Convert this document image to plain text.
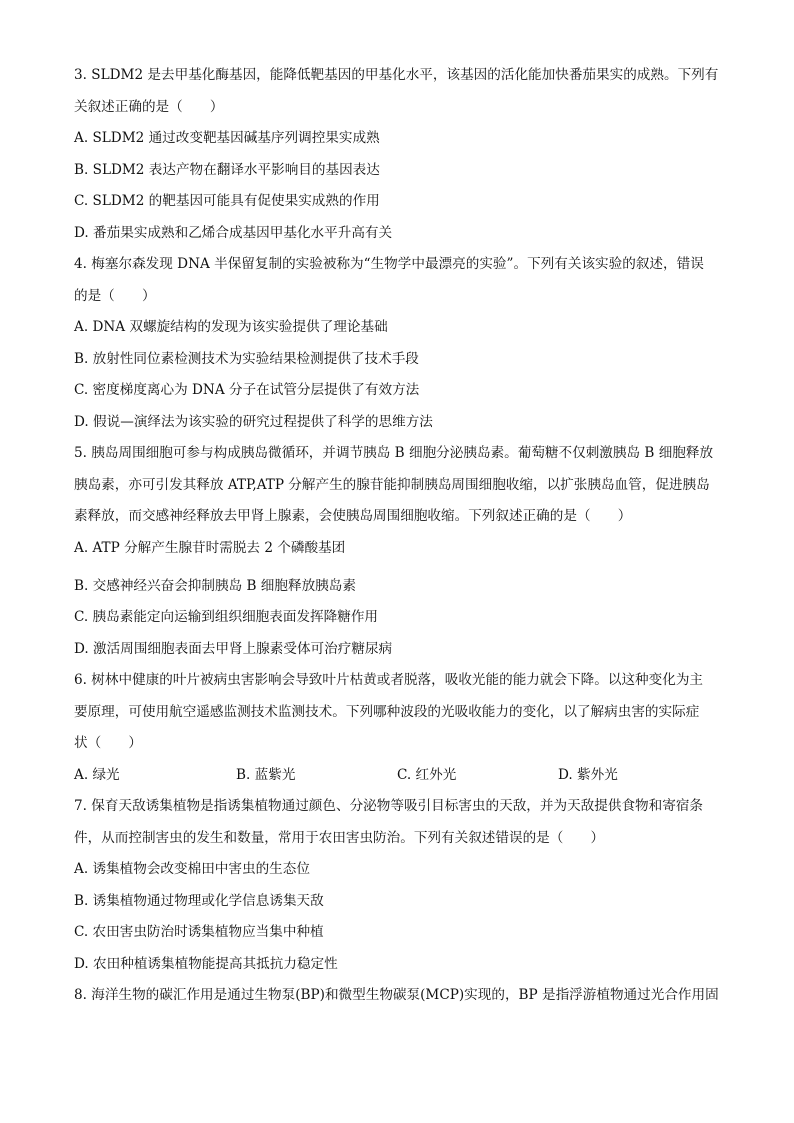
3. SLDM2 是去甲基化酶基因，能降低靶基因的甲基化水平，该基因的活化能加快番茄果实的成熟。下列有
关叙述正确的是（　　）
A. SLDM2 通过改变靶基因碱基序列调控果实成熟
B. SLDM2 表达产物在翻译水平影响目的基因表达
C. SLDM2 的靶基因可能具有促使果实成熟的作用
D. 番茄果实成熟和乙烯合成基因甲基化水平升高有关
4. 梅塞尔森发现 DNA 半保留复制的实验被称为“生物学中最漂亮的实验”。下列有关该实验的叙述，错误
的是（　　）
A. DNA 双螺旋结构的发现为该实验提供了理论基础
B. 放射性同位素检测技术为实验结果检测提供了技术手段
C. 密度梯度离心为 DNA 分子在试管分层提供了有效方法
D. 假说—演绎法为该实验的研究过程提供了科学的思维方法
5. 胰岛周围细胞可参与构成胰岛微循环，并调节胰岛 B 细胞分泌胰岛素。葡萄糖不仅刺激胰岛 B 细胞释放
胰岛素，亦可引发其释放 ATP,ATP 分解产生的腺苷能抑制胰岛周围细胞收缩，以扩张胰岛血管，促进胰岛
素释放，而交感神经释放去甲肾上腺素，会使胰岛周围细胞收缩。下列叙述正确的是（　　）
A. ATP 分解产生腺苷时需脱去 2 个磷酸基团
B. 交感神经兴奋会抑制胰岛 B 细胞释放胰岛素
C. 胰岛素能定向运输到组织细胞表面发挥降糖作用
D. 激活周围细胞表面去甲肾上腺素受体可治疗糖尿病
6. 树林中健康的叶片被病虫害影响会导致叶片枯黄或者脱落，吸收光能的能力就会下降。以这种变化为主
要原理，可使用航空遥感监测技术监测技术。下列哪种波段的光吸收能力的变化，以了解病虫害的实际症
状（　　）
A. 绿光	B. 蓝紫光	C. 红外光	D. 紫外光
7. 保育天敌诱集植物是指诱集植物通过颜色、分泌物等吸引目标害虫的天敌，并为天敌提供食物和寄宿条
件，从而控制害虫的发生和数量，常用于农田害虫防治。下列有关叙述错误的是（　　）
A. 诱集植物会改变棉田中害虫的生态位
B. 诱集植物通过物理或化学信息诱集天敌
C. 农田害虫防治时诱集植物应当集中种植
D. 农田种植诱集植物能提高其抵抗力稳定性
8. 海洋生物的碳汇作用是通过生物泵(BP)和微型生物碳泵(MCP)实现的，BP 是指浮游植物通过光合作用固
